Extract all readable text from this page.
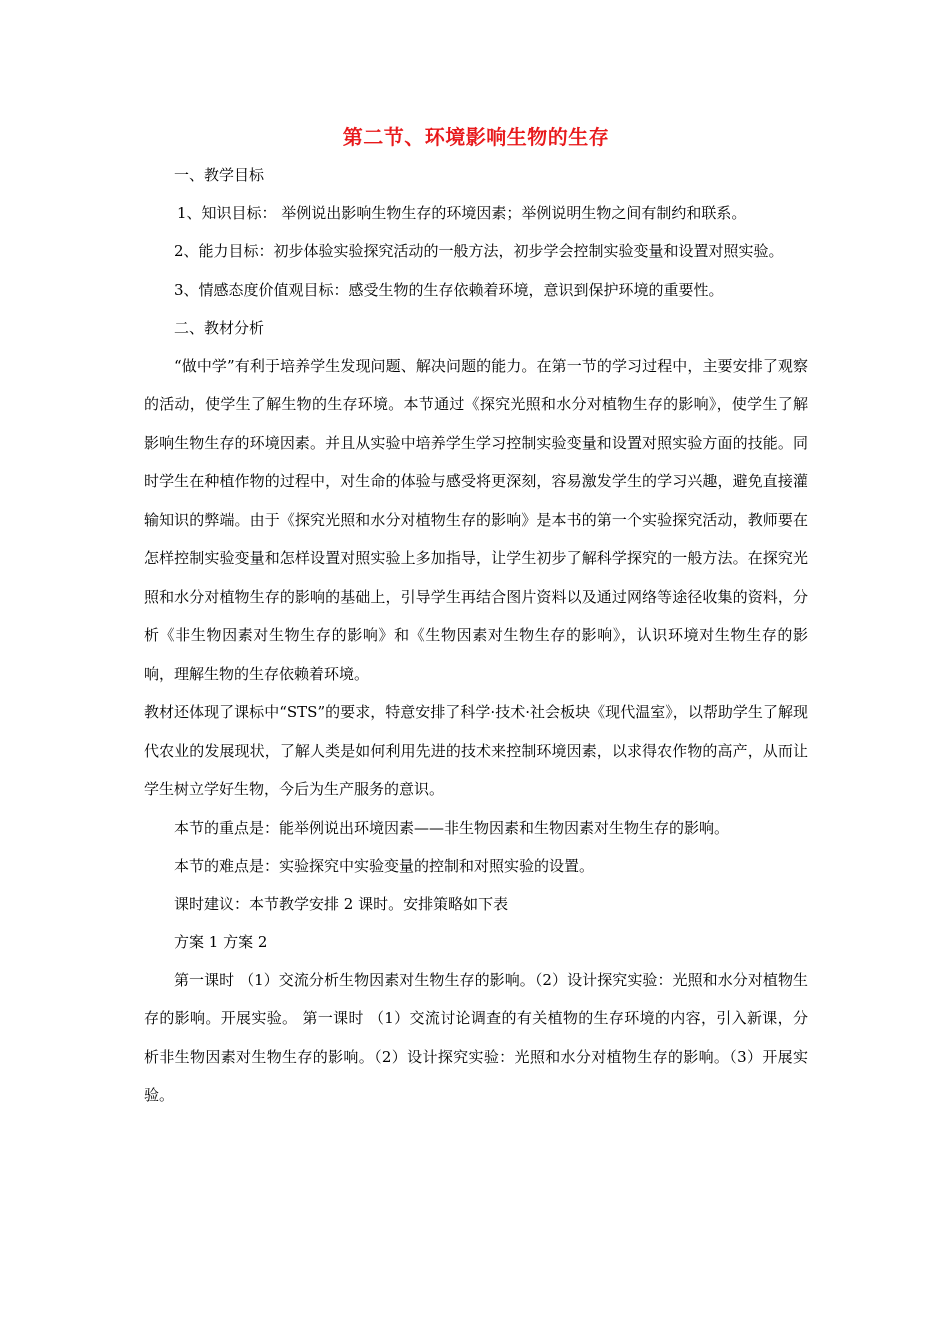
第二节、环境影响生物的生存

一、教学目标

1、知识目标： 举例说出影响生物生存的环境因素；举例说明生物之间有制约和联系。

2、能力目标：初步体验实验探究活动的一般方法，初步学会控制实验变量和设置对照实验。

3、情感态度价值观目标：感受生物的生存依赖着环境，意识到保护环境的重要性。

二、教材分析

“做中学”有利于培养学生发现问题、解决问题的能力。在第一节的学习过程中，主要安排了观察的活动，使学生了解生物的生存环境。本节通过《探究光照和水分对植物生存的影响》，使学生了解影响生物生存的环境因素。并且从实验中培养学生学习控制实验变量和设置对照实验方面的技能。同时学生在种植作物的过程中，对生命的体验与感受将更深刻，容易激发学生的学习兴趣，避免直接灌输知识的弊端。由于《探究光照和水分对植物生存的影响》是本书的第一个实验探究活动，教师要在怎样控制实验变量和怎样设置对照实验上多加指导，让学生初步了解科学探究的一般方法。在探究光照和水分对植物生存的影响的基础上，引导学生再结合图片资料以及通过网络等途径收集的资料，分析《非生物因素对生物生存的影响》和《生物因素对生物生存的影响》，认识环境对生物生存的影响，理解生物的生存依赖着环境。

教材还体现了课标中“STS”的要求，特意安排了科学·技术·社会板块《现代温室》，以帮助学生了解现代农业的发展现状，了解人类是如何利用先进的技术来控制环境因素，以求得农作物的高产，从而让学生树立学好生物，今后为生产服务的意识。

本节的重点是：能举例说出环境因素——非生物因素和生物因素对生物生存的影响。

本节的难点是：实验探究中实验变量的控制和对照实验的设置。

课时建议：本节教学安排 2 课时。安排策略如下表

方案 1 方案 2

第一课时 （1）交流分析生物因素对生物生存的影响。（2）设计探究实验：光照和水分对植物生存的影响。开展实验。 第一课时 （1）交流讨论调查的有关植物的生存环境的内容，引入新课，分析非生物因素对生物生存的影响。（2）设计探究实验：光照和水分对植物生存的影响。（3）开展实验。
